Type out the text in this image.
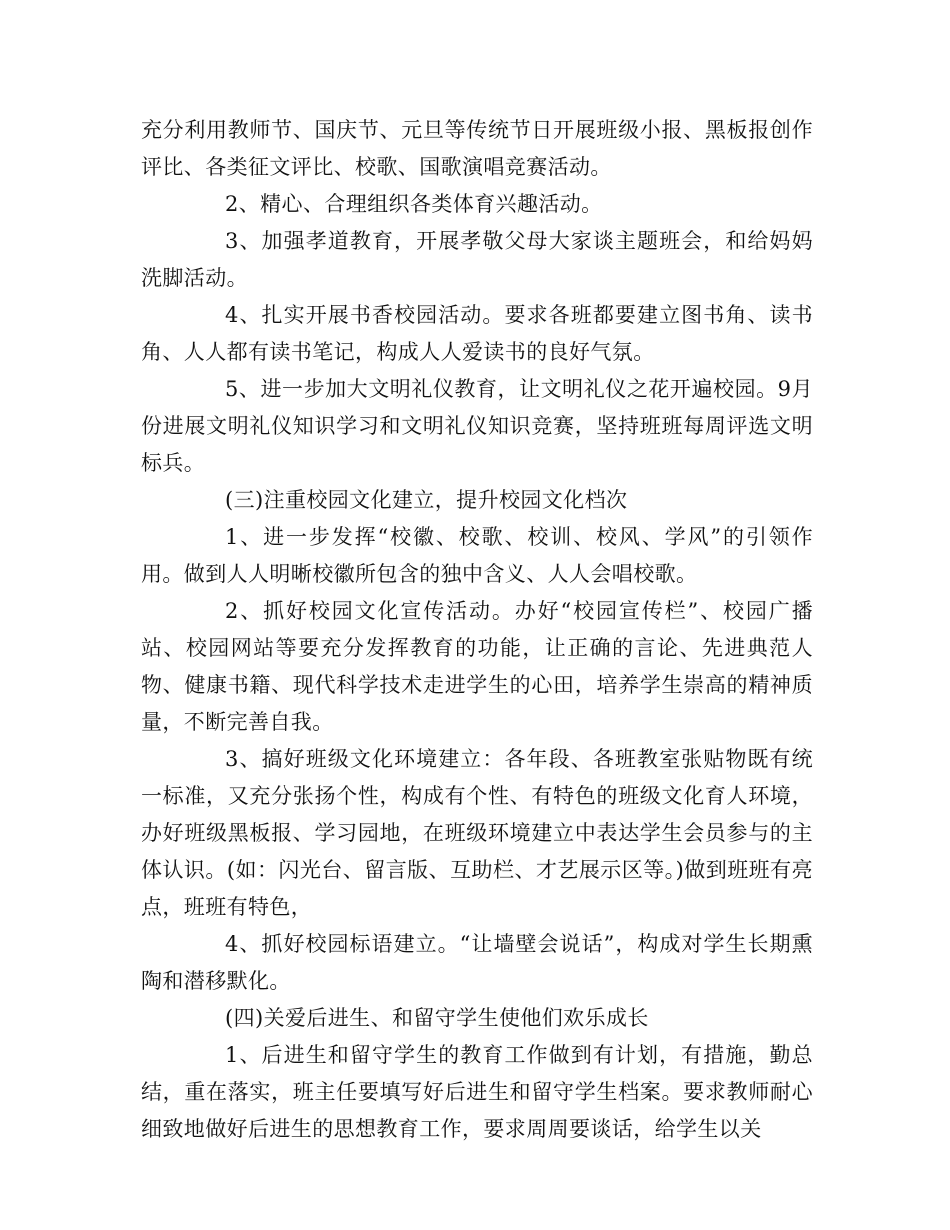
充分利用教师节、国庆节、元旦等传统节日开展班级小报、黑板报创作评比、各类征文评比、校歌、国歌演唱竞赛活动。

2、精心、合理组织各类体育兴趣活动。

3、加强孝道教育，开展孝敬父母大家谈主题班会，和给妈妈洗脚活动。

4、扎实开展书香校园活动。要求各班都要建立图书角、读书角、人人都有读书笔记，构成人人爱读书的良好气氛。

5、进一步加大文明礼仪教育，让文明礼仪之花开遍校园。9月份进展文明礼仪知识学习和文明礼仪知识竞赛，坚持班班每周评选文明标兵。

(三)注重校园文化建立，提升校园文化档次

1、进一步发挥“校徽、校歌、校训、校风、学风”的引领作用。做到人人明晰校徽所包含的独中含义、人人会唱校歌。

2、抓好校园文化宣传活动。办好“校园宣传栏”、校园广播站、校园网站等要充分发挥教育的功能，让正确的言论、先进典范人物、健康书籍、现代科学技术走进学生的心田，培养学生崇高的精神质量，不断完善自我。

3、搞好班级文化环境建立：各年段、各班教室张贴物既有统一标准，又充分张扬个性，构成有个性、有特色的班级文化育人环境，办好班级黑板报、学习园地，在班级环境建立中表达学生会员参与的主体认识。(如：闪光台、留言版、互助栏、才艺展示区等。)做到班班有亮点，班班有特色，

4、抓好校园标语建立。“让墙壁会说话”，构成对学生长期熏陶和潜移默化。

(四)关爱后进生、和留守学生使他们欢乐成长

1、后进生和留守学生的教育工作做到有计划，有措施，勤总结，重在落实，班主任要填写好后进生和留守学生档案。要求教师耐心细致地做好后进生的思想教育工作，要求周周要谈话，给学生以关
